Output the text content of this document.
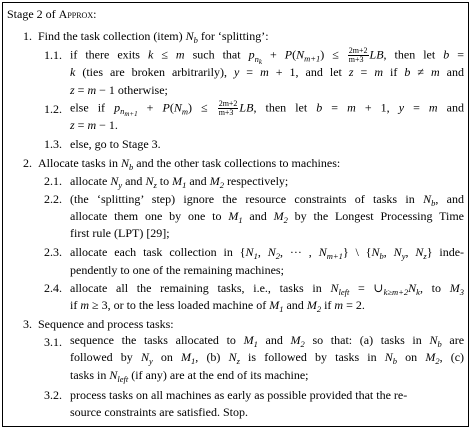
Stage 2 of Approx:
1.  Find the task collection (item) $N_b$ for ‘splitting’:
1.1. if there exits k ≤ m such that $p_{n_k} + P(N_{m+1}) \le \frac{2m+2}{m+3}$ LB, then let b =
k (ties are broken arbitrarily), y = m + 1, and let z = m if b ≠ m and
z = m − 1 otherwise;
1.2. else if $p_{n_{m+1}} + P(N_m) \le \frac{2m+2}{m+3}$ LB, then let b = m + 1, y = m and
z = m − 1.
1.3. else, go to Stage 3.
2.  Allocate tasks in $N_b$ and the other task collections to machines:
2.1. allocate $N_y$ and $N_z$ to $M_1$ and $M_2$ respectively;
2.2. (the ‘splitting’ step) ignore the resource constraints of tasks in $N_b$, and
allocate them one by one to $M_1$ and $M_2$ by the Longest Processing Time
first rule (LPT) [29];
2.3. allocate each task collection in {$N_1$, $N_2$, ··· , $N_{m+1}$} \ {$N_b$, $N_y$, $N_z$} inde-
pendently to one of the remaining machines;
2.4. allocate all the remaining tasks, i.e., tasks in $N_{left}$ = $\cup_{k\ge m+2}N_k$, to $M_3$
if m ≥ 3, or to the less loaded machine of $M_1$ and $M_2$ if m = 2.
3.  Sequence and process tasks:
3.1. sequence the tasks allocated to $M_1$ and $M_2$ so that: (a) tasks in $N_b$ are
followed by $N_y$ on $M_1$, (b) $N_z$ is followed by tasks in $N_b$ on $M_2$, (c)
tasks in $N_{left}$ (if any) are at the end of its machine;
3.2. process tasks on all machines as early as possible provided that the re-
source constraints are satisfied. Stop.
